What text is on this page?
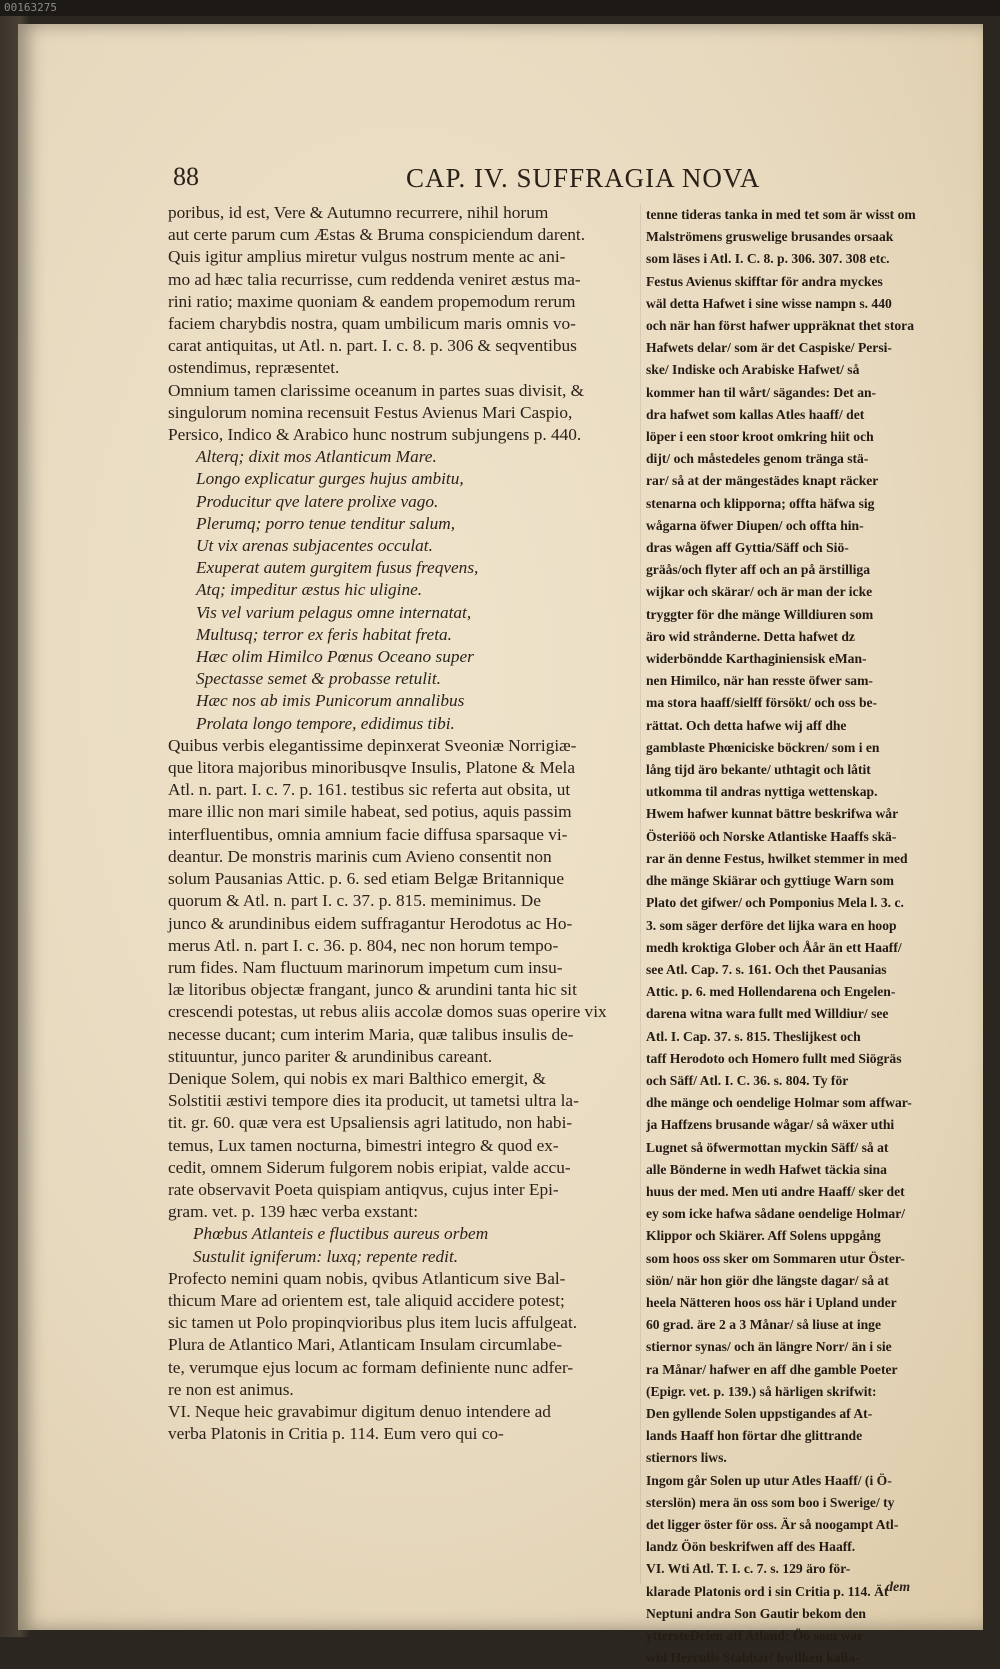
00163275
88	CAP. IV. SUFFRAGIA NOVA

poribus, id est, Vere & Autumno recurrere, nihil horum

aut certe parum cum Æstas & Bruma conspiciendum darent.

Quis igitur amplius miretur vulgus nostrum mente ac ani-

mo ad hæc talia recurrisse, cum reddenda veniret æstus ma-

rini ratio; maxime quoniam & eandem propemodum rerum

faciem charybdis nostra, quam umbilicum maris omnis vo-

carat antiquitas, ut Atl. n. part. I. c. 8. p. 306 & seqventibus

ostendimus, repræsentet.

Omnium tamen clarissime oceanum in partes suas divisit, &

singulorum nomina recensuit Festus Avienus Mari Caspio,

Persico, Indico & Arabico hunc nostrum subjungens p. 440.

Alterq; dixit mos Atlanticum Mare.

Longo explicatur gurges hujus ambitu,

Producitur qve latere prolixe vago.

Plerumq; porro tenue tenditur salum,

Ut vix arenas subjacentes occulat.

Exuperat autem gurgitem fusus freqvens,

Atq; impeditur æstus hic uligine.

Vis vel varium pelagus omne internatat,

Multusq; terror ex feris habitat freta.

Hæc olim Himilco Pœnus Oceano super

Spectasse semet & probasse retulit.

Hæc nos ab imis Punicorum annalibus

Prolata longo tempore, edidimus tibi.

Quibus verbis elegantissime depinxerat Sveoniæ Norrigiæ-

que litora majoribus minoribusqve Insulis, Platone & Mela

Atl. n. part. I. c. 7. p. 161. testibus sic referta aut obsita, ut

mare illic non mari simile habeat, sed potius, aquis passim

interfluentibus, omnia amnium facie diffusa sparsaque vi-

deantur. De monstris marinis cum Avieno consentit non

solum Pausanias Attic. p. 6. sed etiam Belgæ Britannique

quorum & Atl. n. part I. c. 37. p. 815. meminimus. De

junco & arundinibus eidem suffragantur Herodotus ac Ho-

merus Atl. n. part I. c. 36. p. 804, nec non horum tempo-

rum fides. Nam fluctuum marinorum impetum cum insu-

læ litoribus objectæ frangant, junco & arundini tanta hic sit

crescendi potestas, ut rebus aliis accolæ domos suas operire vix

necesse ducant; cum interim Maria, quæ talibus insulis de-

stituuntur, junco pariter & arundinibus careant.

Denique Solem, qui nobis ex mari Balthico emergit, &

Solstitii æstivi tempore dies ita producit, ut tametsi ultra la-

tit. gr. 60. quæ vera est Upsaliensis agri latitudo, non habi-

temus, Lux tamen nocturna, bimestri integro & quod ex-

cedit, omnem Siderum fulgorem nobis eripiat, valde accu-

rate observavit Poeta quispiam antiqvus, cujus inter Epi-

gram. vet. p. 139 hæc verba exstant:

Phœbus Atlanteis e fluctibus aureus orbem

Sustulit igniferum: luxq; repente redit.

Profecto nemini quam nobis, qvibus Atlanticum sive Bal-

thicum Mare ad orientem est, tale aliquid accidere potest;

sic tamen ut Polo propinqvioribus plus item lucis affulgeat.

Plura de Atlantico Mari, Atlanticam Insulam circumlabe-

te, verumque ejus locum ac formam definiente nunc adfer-

re non est animus.

VI. Neque heic gravabimur digitum denuo intendere ad

verba Platonis in Critia p. 114. Eum vero qui co-

tenne tideras tanka in med tet som är wisst om

Malströmens gruswelige brusandes orsaak

som läses i Atl. I. C. 8. p. 306. 307. 308 etc.

Festus Avienus skifftar för andra myckes

wäl detta Hafwet i sine wisse nampn s. 440

och när han först hafwer uppräknat thet stora

Hafwets delar/ som är det Caspiske/ Persi-

ske/ Indiske och Arabiske Hafwet/ så

kommer han til wårt/ sägandes: Det an-

dra hafwet som kallas Atles haaff/ det

löper i een stoor kroot omkring hiit och

dijt/ och måstedeles genom tränga stä-

rar/ så at der mängestädes knapt räcker

stenarna och klipporna; offta häfwa sig

wågarna öfwer Diupen/ och offta hin-

dras wågen aff Gyttia/Säff och Siö-

gräås/och flyter aff och an på ärstilliga

wijkar och skärar/ och är man der icke

tryggter för dhe mänge Willdiuren som

äro wid strånderne. Detta hafwet dz

widerböndde Karthaginiensisk eMan-

nen Himilco, när han resste öfwer sam-

ma stora haaff/sielff försökt/ och oss be-

rättat. Och detta hafwe wij aff dhe

gamblaste Phœniciske böckren/ som i en

lång tijd äro bekante/ uthtagit och låtit

utkomma til andras nyttiga wettenskap.

Hwem hafwer kunnat bättre beskrifwa wår

Österiöö och Norske Atlantiske Haaffs skä-

rar än denne Festus, hwilket stemmer in med

dhe mänge Skiärar och gyttiuge Warn som

Plato det gifwer/ och Pomponius Mela l. 3. c.

3. som säger derföre det lijka wara en hoop

medh kroktiga Glober och Åår än ett Haaff/

see Atl. Cap. 7. s. 161. Och thet Pausanias

Attic. p. 6. med Hollendarena och Engelen-

darena witna wara fullt med Willdiur/ see

Atl. I. Cap. 37. s. 815. Theslijkest och

taff Herodoto och Homero fullt med Siögräs

och Säff/ Atl. I. C. 36. s. 804. Ty för

dhe mänge och oendelige Holmar som affwar-

ja Haffzens brusande wågar/ så wäxer uthi

Lugnet så öfwermottan myckin Säff/ så at

alle Bönderne in wedh Hafwet täckia sina

huus der med. Men uti andre Haaff/ sker det

ey som icke hafwa sådane oendelige Holmar/

Klippor och Skiärer. Aff Solens uppgång

som hoos oss sker om Sommaren utur Öster-

siön/ när hon giör dhe längste dagar/ så at

heela Nätteren hoos oss här i Upland under

60 grad. äre 2 a 3 Månar/ så liuse at inge

stiernor synas/ och än längre Norr/ än i sie

ra Månar/ hafwer en aff dhe gamble Poeter

(Epigr. vet. p. 139.) så härligen skrifwit:

Den gyllende Solen uppstigandes af At-

lands Haaff hon förtar dhe glittrande

stiernors liws.

Ingom går Solen up utur Atles Haaff/ (i Ö-

sterslön) mera än oss som boo i Swerige/ ty

det ligger öster för oss. Är så noogampt Atl-

landz Öön beskrifwen aff des Haaff.

VI. Wti Atl. T. I. c. 7. s. 129 äro för-

klarade Platonis ord i sin Critia p. 114. Ät

Neptuni andra Son Gautir bekom den

yttersteDelen aff Atland; Öö som war

wid Herculis Stabbar/ hwilken kalla-

dem
